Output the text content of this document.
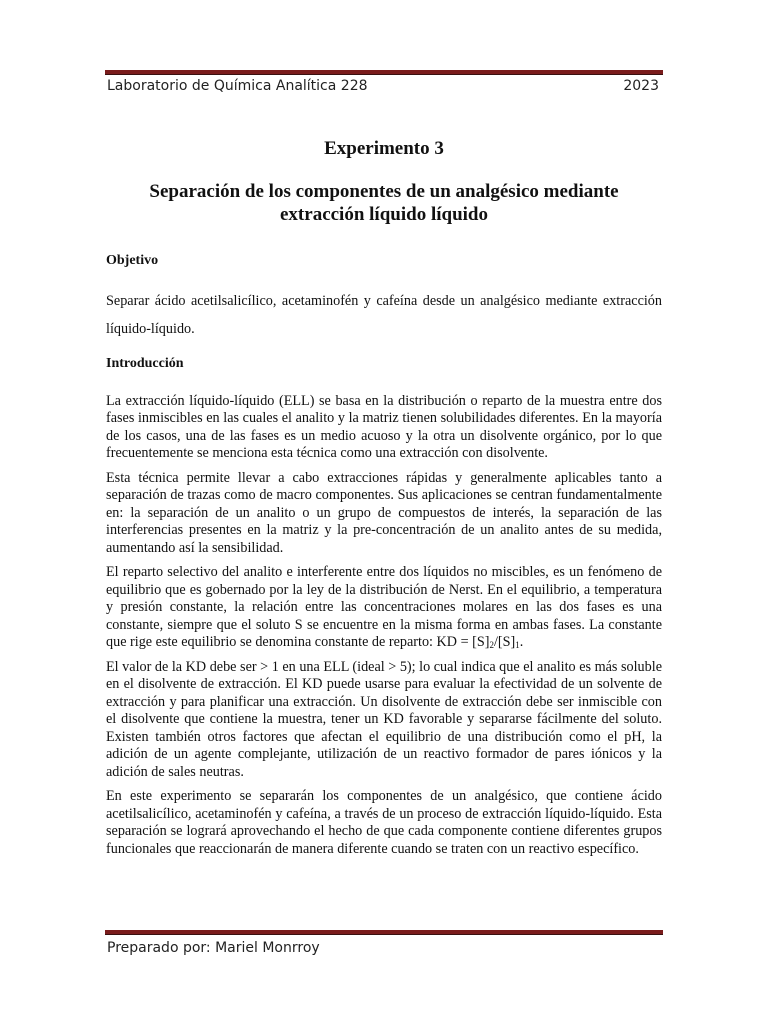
Laboratorio de Química Analítica 228	2023
Experimento 3
Separación de los componentes de un analgésico mediante extracción líquido líquido
Objetivo
Separar ácido acetilsalicílico, acetaminofén y cafeína desde un analgésico mediante extracción líquido-líquido.
Introducción

La extracción líquido-líquido (ELL) se basa en la distribución o reparto de la muestra entre dos fases inmiscibles en las cuales el analito y la matriz tienen solubilidades diferentes. En la mayoría de los casos, una de las fases es un medio acuoso y la otra un disolvente orgánico, por lo que frecuentemente se menciona esta técnica como una extracción con disolvente.

Esta técnica permite llevar a cabo extracciones rápidas y generalmente aplicables tanto a separación de trazas como de macro componentes. Sus aplicaciones se centran fundamentalmente en: la separación de un analito o un grupo de compuestos de interés, la separación de las interferencias presentes en la matriz y la pre-concentración de un analito antes de su medida, aumentando así la sensibilidad.

El reparto selectivo del analito e interferente entre dos líquidos no miscibles, es un fenómeno de equilibrio que es gobernado por la ley de la distribución de Nerst. En el equilibrio, a temperatura y presión constante, la relación entre las concentraciones molares en las dos fases es una constante, siempre que el soluto S se encuentre en la misma forma en ambas fases. La constante que rige este equilibrio se denomina constante de reparto: KD = $[S]_2/[S]_1$.

El valor de la KD debe ser > 1 en una ELL (ideal > 5); lo cual indica que el analito es más soluble en el disolvente de extracción. El KD puede usarse para evaluar la efectividad de un solvente de extracción y para planificar una extracción. Un disolvente de extracción debe ser inmiscible con el disolvente que contiene la muestra, tener un KD favorable y separarse fácilmente del soluto. Existen también otros factores que afectan el equilibrio de una distribución como el pH, la adición de un agente complejante, utilización de un reactivo formador de pares iónicos y la adición de sales neutras.

En este experimento se separarán los componentes de un analgésico, que contiene ácido acetilsalicílico, acetaminofén y cafeína, a través de un proceso de extracción líquido-líquido. Esta separación se logrará aprovechando el hecho de que cada componente contiene diferentes grupos funcionales que reaccionarán de manera diferente cuando se traten con un reactivo específico.

Preparado por: Mariel Monrroy
